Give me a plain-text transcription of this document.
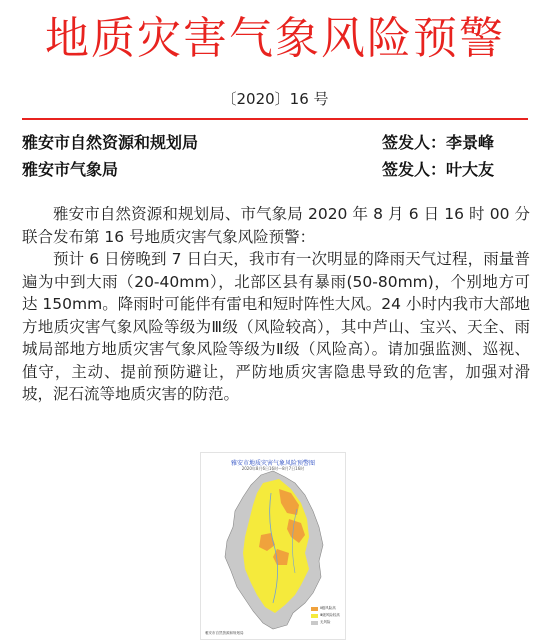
地质灾害气象风险预警
〔2020〕16 号
雅安市自然资源和规划局	签发人：李景峰
雅安市气象局	签发人：叶大友

雅安市自然资源和规划局、市气象局 2020 年 8 月 6 日 16 时 00 分联合发布第 16 号地质灾害气象风险预警：

预计 6 日傍晚到 7 日白天，我市有一次明显的降雨天气过程，雨量普遍为中到大雨（20-40mm），北部区县有暴雨(50-80mm)，个别地方可达 150mm。降雨时可能伴有雷电和短时阵性大风。24 小时内我市大部地方地质灾害气象风险等级为Ⅲ级（风险较高），其中芦山、宝兴、天全、雨城局部地方地质灾害气象风险等级为Ⅱ级（风险高）。请加强监测、巡视、值守，主动、提前预防避让，严防地质灾害隐患导致的危害，加强对滑坡，泥石流等地质灾害的防范。

雅安市地质灾害气象风险预警图
2020年8月6日16时～8月7日16时
Ⅱ级风险高
Ⅲ级风险较高
无风险
雅安市自然资源和规划局
